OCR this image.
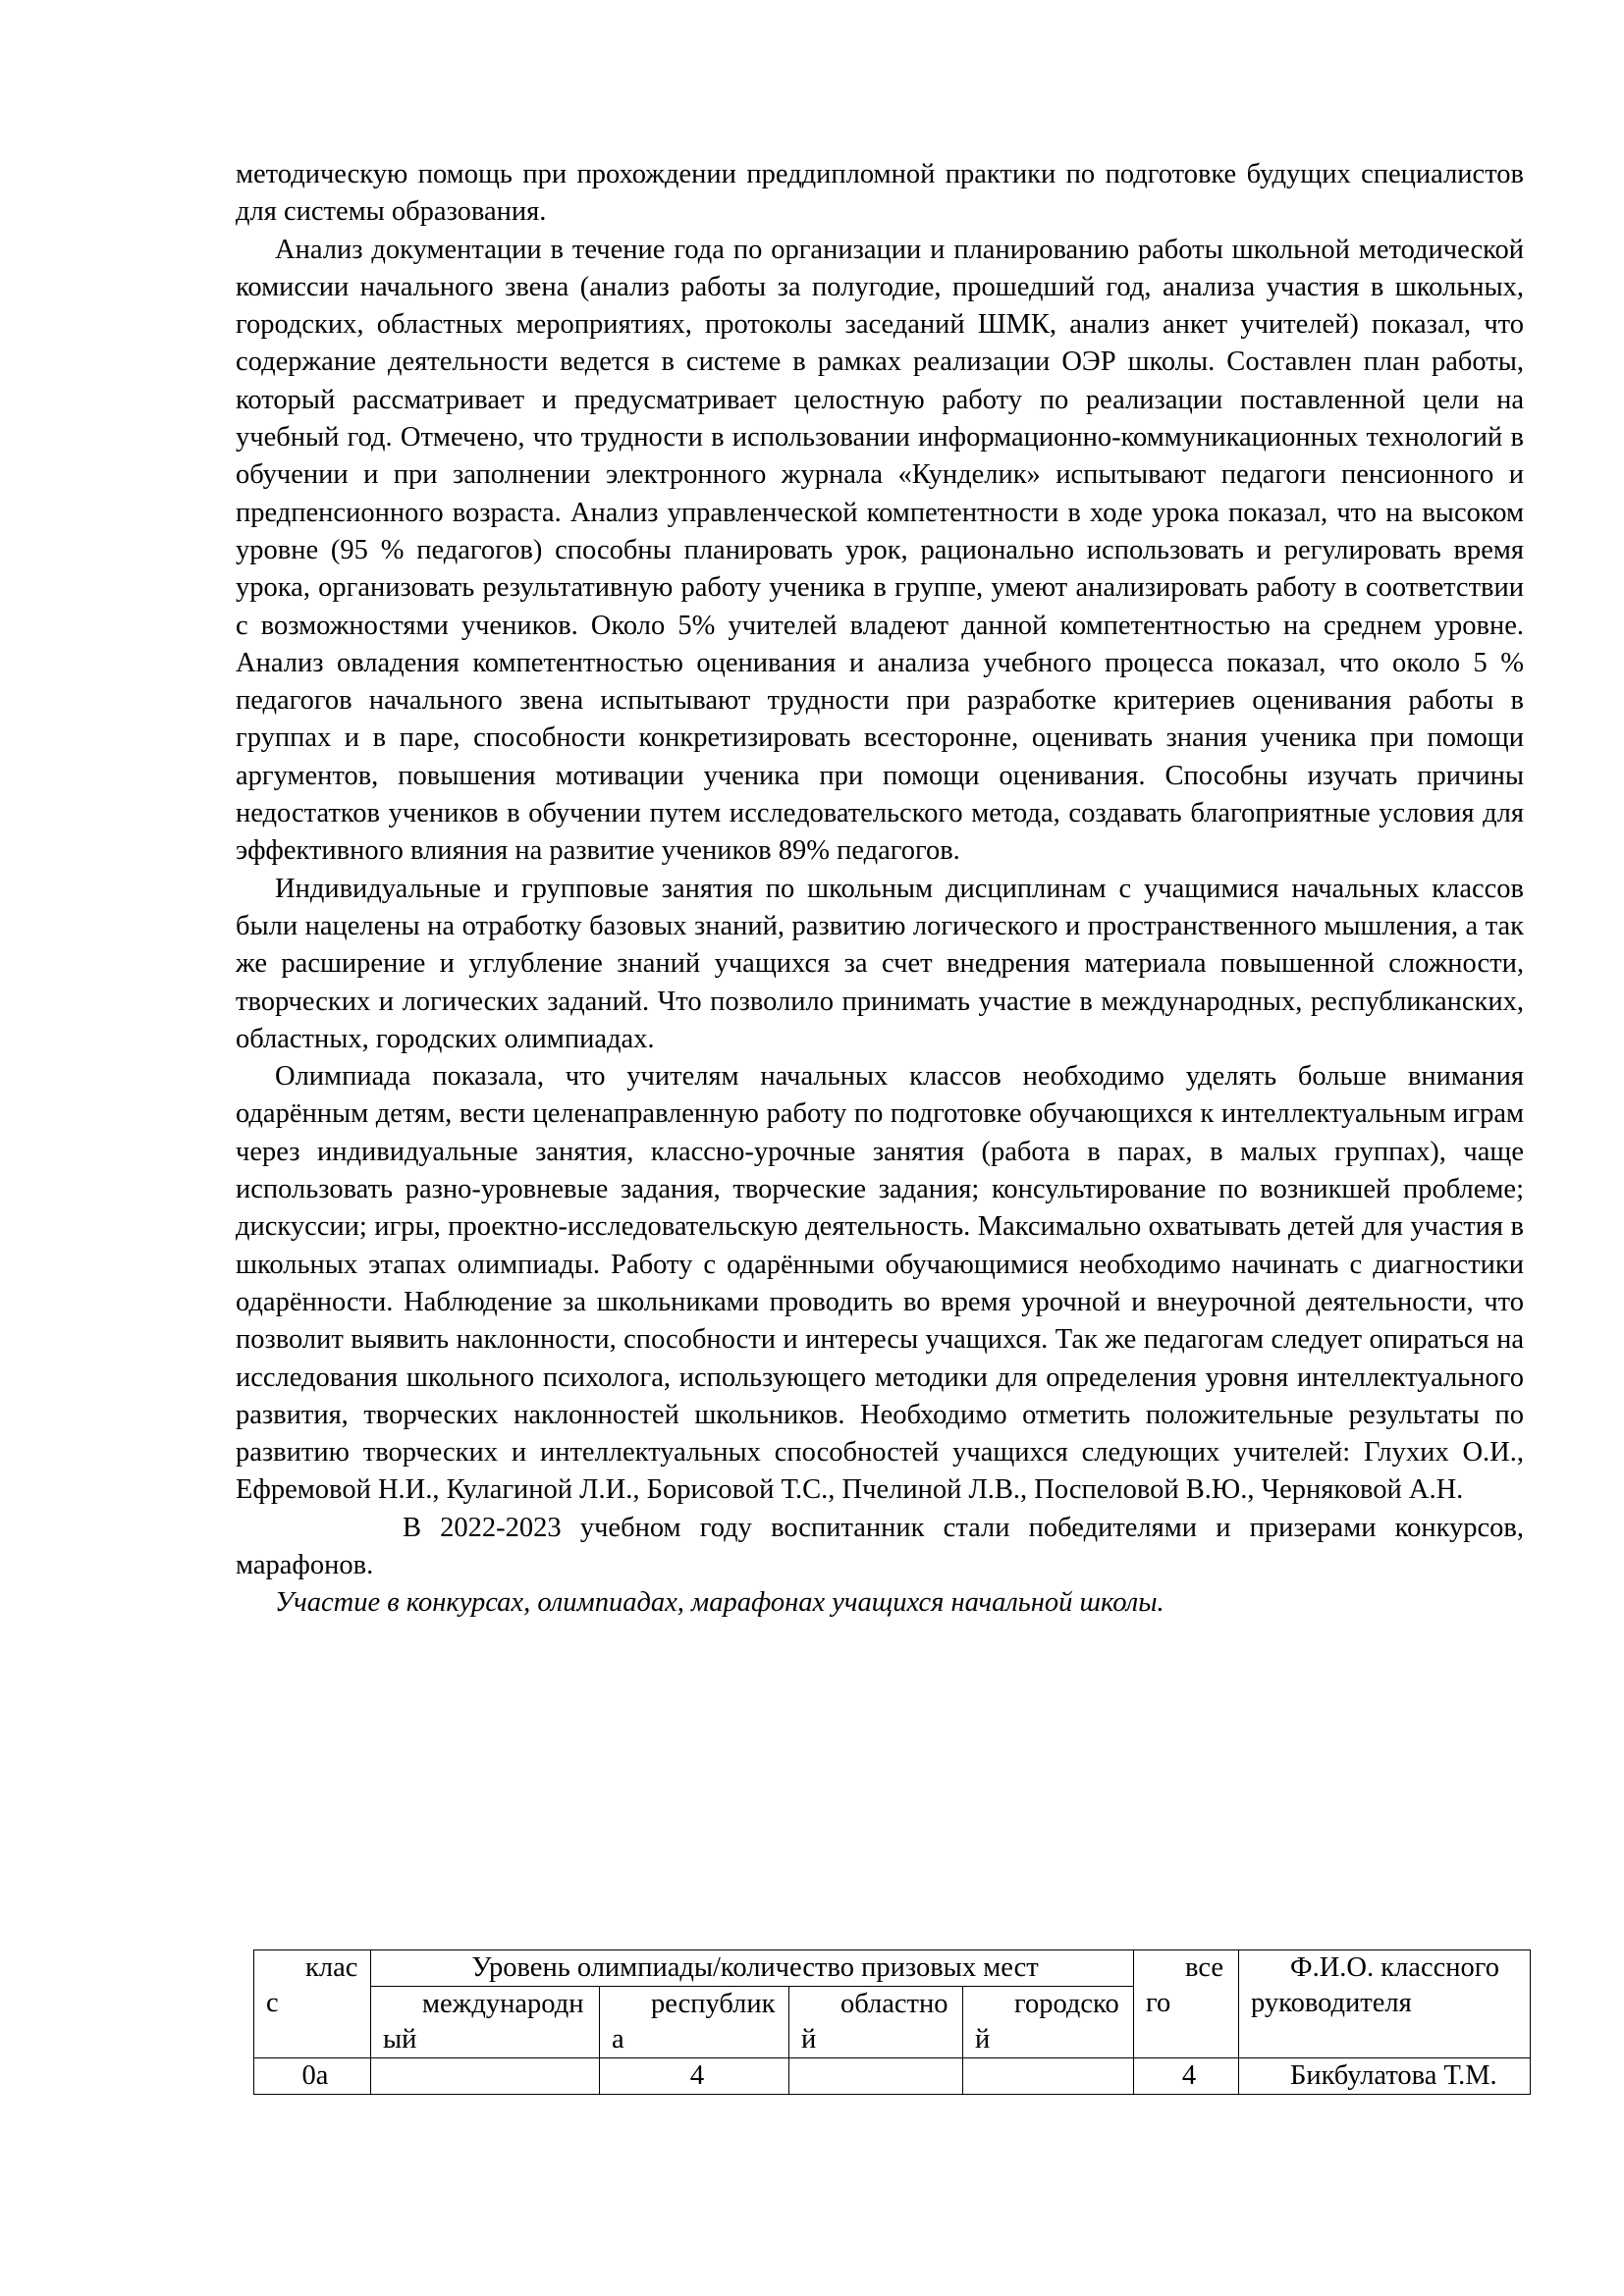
методическую помощь при прохождении преддипломной практики по подготовке будущих специалистов для системы образования.

Анализ документации в течение года по организации и планированию работы школьной методической комиссии начального звена (анализ работы за полугодие, прошедший год, анализа участия в школьных, городских, областных мероприятиях, протоколы заседаний ШМК, анализ анкет учителей) показал, что содержание деятельности ведется в системе в рамках реализации ОЭР школы. Составлен план работы, который рассматривает и предусматривает целостную работу по реализации поставленной цели на учебный год. Отмечено, что трудности в использовании информационно-коммуникационных технологий в обучении и при заполнении электронного журнала «Кунделик» испытывают педагоги пенсионного и предпенсионного возраста. Анализ управленческой компетентности в ходе урока показал, что на высоком уровне (95 % педагогов) способны планировать урок, рационально использовать и регулировать время урока, организовать результативную работу ученика в группе, умеют анализировать работу в соответствии с возможностями учеников. Около 5% учителей владеют данной компетентностью на среднем уровне. Анализ овладения компетентностью оценивания и анализа учебного процесса показал, что около 5 % педагогов начального звена испытывают трудности при разработке критериев оценивания работы в группах и в паре, способности конкретизировать всесторонне, оценивать знания ученика при помощи аргументов, повышения мотивации ученика при помощи оценивания. Способны изучать причины недостатков учеников в обучении путем исследовательского метода, создавать благоприятные условия для эффективного влияния на развитие учеников 89% педагогов.

Индивидуальные и групповые занятия по школьным дисциплинам с учащимися начальных классов были нацелены на отработку базовых знаний, развитию логического и пространственного мышления, а так же расширение и углубление знаний учащихся за счет внедрения материала повышенной сложности, творческих и логических заданий. Что позволило принимать участие в международных, республиканских, областных, городских олимпиадах.

Олимпиада показала, что учителям начальных классов необходимо уделять больше внимания одарённым детям, вести целенаправленную работу по подготовке обучающихся к интеллектуальным играм через индивидуальные занятия, классно-урочные занятия (работа в парах, в малых группах), чаще использовать разно-уровневые задания, творческие задания; консультирование по возникшей проблеме; дискуссии; игры, проектно-исследовательскую деятельность. Максимально охватывать детей для участия в школьных этапах олимпиады. Работу с одарёнными обучающимися необходимо начинать с диагностики одарённости. Наблюдение за школьниками проводить во время урочной и внеурочной деятельности, что позволит выявить наклонности, способности и интересы учащихся. Так же педагогам следует опираться на исследования школьного психолога, использующего методики для определения уровня интеллектуального развития, творческих наклонностей школьников. Необходимо отметить положительные результаты по развитию творческих и интеллектуальных способностей учащихся следующих учителей: Глухих О.И., Ефремовой Н.И., Кулагиной Л.И., Борисовой Т.С., Пчелиной Л.В., Поспеловой В.Ю., Черняковой А.Н.

В 2022-2023 учебном году воспитанник стали победителями и призерами конкурсов, марафонов.

Участие в конкурсах, олимпиадах, марафонах учащихся начальной школы.

класс	Уровень олимпиады/количество призовых мест				всего	Ф.И.О. классного руководителя

	международный	республика	областной	городской		

0а		4			4	Бикбулатова Т.М.
